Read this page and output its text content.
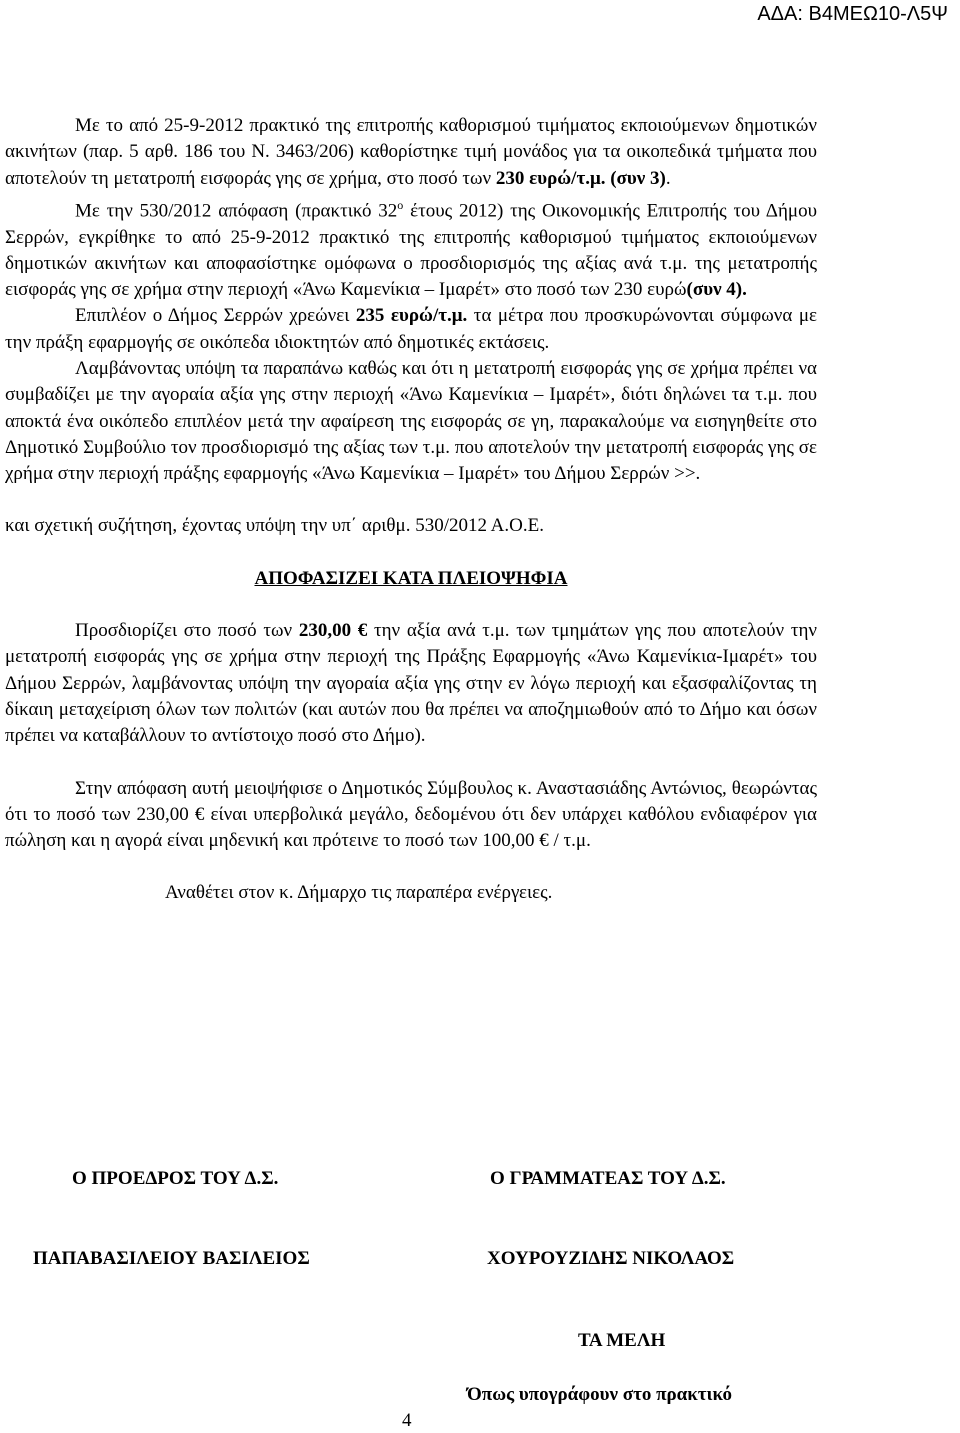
ΑΔΑ: Β4ΜΕΩ10-Λ5Ψ

Με το από 25-9-2012 πρακτικό της επιτροπής καθορισμού τιμήματος εκποιούμενων δημοτικών ακινήτων (παρ. 5 αρθ. 186 του Ν. 3463/206) καθορίστηκε τιμή μονάδος για τα οικοπεδικά τμήματα που αποτελούν τη μετατροπή εισφοράς γης σε χρήμα, στο ποσό των 230 ευρώ/τ.μ. (συν 3).

Με την 530/2012 απόφαση (πρακτικό $32^o$ έτους 2012) της Οικονομικής Επιτροπής του Δήμου Σερρών, εγκρίθηκε το από 25-9-2012 πρακτικό της επιτροπής καθορισμού τιμήματος εκποιούμενων δημοτικών ακινήτων και αποφασίστηκε ομόφωνα ο προσδιορισμός της αξίας ανά τ.μ. της μετατροπής εισφοράς γης σε χρήμα στην περιοχή «Άνω Καμενίκια – Ιμαρέτ» στο ποσό των 230 ευρώ(συν 4).

Επιπλέον ο Δήμος Σερρών χρεώνει 235 ευρώ/τ.μ. τα μέτρα που προσκυρώνονται σύμφωνα με την πράξη εφαρμογής σε οικόπεδα ιδιοκτητών από δημοτικές εκτάσεις.

Λαμβάνοντας υπόψη τα παραπάνω καθώς και ότι η μετατροπή εισφοράς γης σε χρήμα πρέπει να συμβαδίζει με την αγοραία αξία γης στην περιοχή «Άνω Καμενίκια – Ιμαρέτ», διότι δηλώνει τα τ.μ. που αποκτά ένα οικόπεδο επιπλέον μετά την αφαίρεση της εισφοράς σε γη, παρακαλούμε να εισηγηθείτε στο Δημοτικό Συμβούλιο τον προσδιορισμό της αξίας των τ.μ. που αποτελούν την μετατροπή εισφοράς γης σε χρήμα στην περιοχή πράξης εφαρμογής «Άνω Καμενίκια – Ιμαρέτ» του Δήμου Σερρών >>.

και σχετική συζήτηση, έχοντας υπόψη την υπ΄ αριθμ. 530/2012 Α.Ο.Ε.

ΑΠΟΦΑΣΙΖΕΙ ΚΑΤΑ ΠΛΕΙΟΨΗΦΙΑ

Προσδιορίζει στο ποσό των 230,00 € την αξία ανά τ.μ. των τμημάτων γης που αποτελούν την μετατροπή εισφοράς γης σε χρήμα στην περιοχή της Πράξης Εφαρμογής «Άνω Καμενίκια-Ιμαρέτ» του Δήμου Σερρών, λαμβάνοντας υπόψη την αγοραία αξία γης στην εν λόγω περιοχή και εξασφαλίζοντας τη δίκαιη μεταχείριση όλων των πολιτών (και αυτών που θα πρέπει να αποζημιωθούν από το Δήμο και όσων πρέπει να καταβάλλουν το αντίστοιχο ποσό στο Δήμο).

Στην απόφαση αυτή μειοψήφισε ο Δημοτικός Σύμβουλος κ. Αναστασιάδης Αντώνιος, θεωρώντας ότι το ποσό των 230,00 € είναι υπερβολικά μεγάλο, δεδομένου ότι δεν υπάρχει καθόλου ενδιαφέρον για πώληση και η αγορά είναι μηδενική και πρότεινε το ποσό των 100,00 € / τ.μ.

Αναθέτει στον κ. Δήμαρχο τις παραπέρα ενέργειες.

Ο ΠΡΟΕΔΡΟΣ ΤΟΥ Δ.Σ.	Ο ΓΡΑΜΜΑΤΕΑΣ ΤΟΥ Δ.Σ.
ΠΑΠΑΒΑΣΙΛΕΙΟΥ ΒΑΣΙΛΕΙΟΣ	ΧΟΥΡΟΥΖΙΔΗΣ ΝΙΚΟΛΑΟΣ
ΤΑ ΜΕΛΗ
Όπως υπογράφουν στο πρακτικό
4
